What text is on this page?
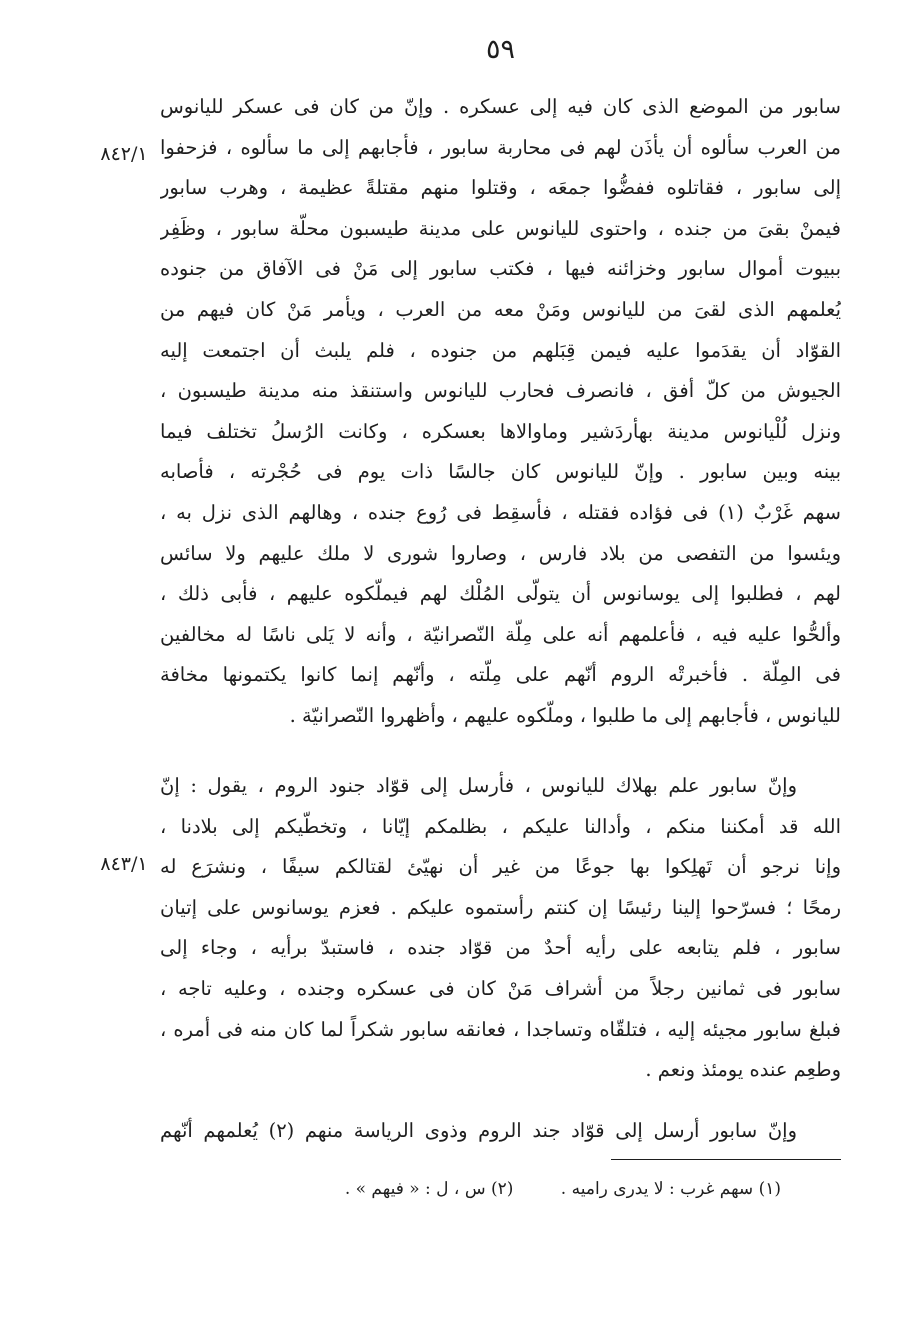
٥٩
٨٤٢/١
٨٤٣/١
سابور من الموضع الذى كان فيه إلى عسكره . وإنّ من كان فى عسكر لليانوس
من العرب سألوه أن يأذَن لهم فى محاربة سابور ، فأجابهم إلى ما سألوه ، فزحفوا
إلى سابور ، فقاتلوه ففضُّوا جمعَه ، وقتلوا منهم مقتلةً عظيمة ، وهرب سابور
فيمنْ بقىَ من جنده ، واحتوى لليانوس على مدينة طيسبون محلّة سابور ، وظَفِر
ببيوت أموال سابور وخزائنه فيها ، فكتب سابور إلى مَنْ فى الآفاق من جنوده
يُعلمهم الذى لقىَ من لليانوس ومَنْ معه من العرب ، ويأمر مَنْ كان فيهم من
القوّاد أن يقدَموا عليه فيمن قِبَلهم من جنوده ، فلم يلبث أن اجتمعت إليه
الجيوش من كلّ أفق ، فانصرف فحارب لليانوس واستنقذ منه مدينة طيسبون ،
ونزل لُلْيانوس مدينة بهأردَشير وماوالاها بعسكره ، وكانت الرُسلُ تختلف فيما
بينه وبين سابور . وإنّ لليانوس كان جالسًا ذات يوم فى حُجْرته ، فأصابه
سهم غَرْبٌ (١) فى فؤاده فقتله ، فأسقِط فى رُوع جنده ، وهالهم الذى نزل به ،
ويئسوا من التفصى من بلاد فارس ، وصاروا شورى لا ملك عليهم ولا سائس
لهم ، فطلبوا إلى يوسانوس أن يتولّى المُلْك لهم فيملّكوه عليهم ، فأبى ذلك ،
وألحُّوا عليه فيه ، فأعلمهم أنه على مِلّة النّصرانيّة ، وأنه لا يَلى ناسًا له مخالفين
فى المِلّة . فأخبرتْه الروم أنّهم على مِلّته ، وأنّهم إنما كانوا يكتمونها مخافة
لليانوس ، فأجابهم إلى ما طلبوا ، وملّكوه عليهم ، وأظهروا النّصرانيّة .
وإنّ سابور علم بهلاك لليانوس ، فأرسل إلى قوّاد جنود الروم ، يقول : إنّ
الله قد أمكننا منكم ، وأدالنا عليكم ، بظلمكم إيّانا ، وتخطّيكم إلى بلادنا ،
وإنا نرجو أن تَهلِكوا بها جوعًا من غير أن نهيّئ لقتالكم سيفًا ، ونشرَع له
رمحًا ؛ فسرّحوا إلينا رئيسًا إن كنتم رأستموه عليكم . فعزم يوسانوس على إتيان
سابور ، فلم يتابعه على رأيه أحدٌ من قوّاد جنده ، فاستبدّ برأيه ، وجاء إلى
سابور فى ثمانين رجلاً من أشراف مَنْ كان فى عسكره وجنده ، وعليه تاجه ،
فبلغ سابور مجيئه إليه ، فتلقّاه وتساجدا ، فعانقه سابور شكراً لما كان منه فى أمره ،
وطعِم عنده يومئذ ونعم .
وإنّ سابور أرسل إلى قوّاد جند الروم وذوى الرياسة منهم (٢) يُعلمهم أنّهم
(١) سهم غرب : لا يدرى راميه . (٢) س ، ل : « فيهم » .
